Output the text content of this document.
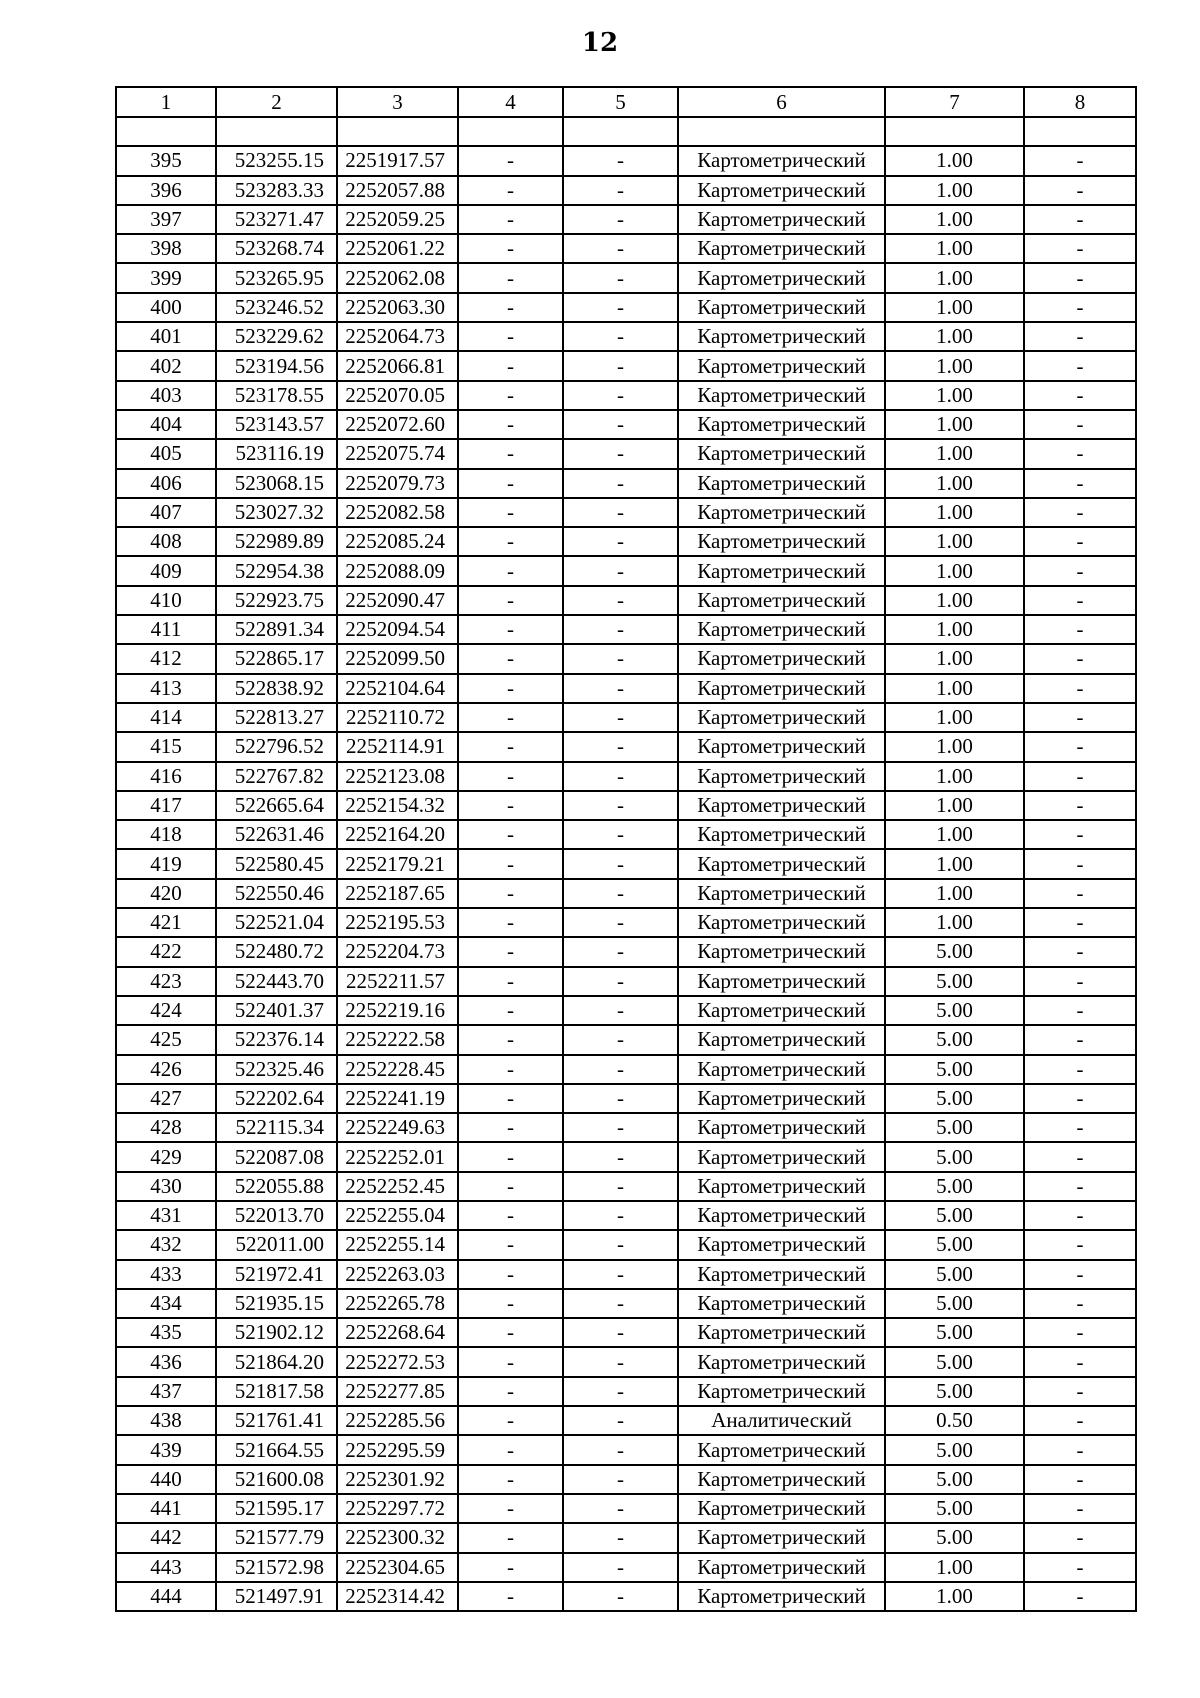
12
1	2	3	4	5	6	7	8

395	523255.15	2251917.57	-	-	Картометрический	1.00	-
396	523283.33	2252057.88	-	-	Картометрический	1.00	-
397	523271.47	2252059.25	-	-	Картометрический	1.00	-
398	523268.74	2252061.22	-	-	Картометрический	1.00	-
399	523265.95	2252062.08	-	-	Картометрический	1.00	-
400	523246.52	2252063.30	-	-	Картометрический	1.00	-
401	523229.62	2252064.73	-	-	Картометрический	1.00	-
402	523194.56	2252066.81	-	-	Картометрический	1.00	-
403	523178.55	2252070.05	-	-	Картометрический	1.00	-
404	523143.57	2252072.60	-	-	Картометрический	1.00	-
405	523116.19	2252075.74	-	-	Картометрический	1.00	-
406	523068.15	2252079.73	-	-	Картометрический	1.00	-
407	523027.32	2252082.58	-	-	Картометрический	1.00	-
408	522989.89	2252085.24	-	-	Картометрический	1.00	-
409	522954.38	2252088.09	-	-	Картометрический	1.00	-
410	522923.75	2252090.47	-	-	Картометрический	1.00	-
411	522891.34	2252094.54	-	-	Картометрический	1.00	-
412	522865.17	2252099.50	-	-	Картометрический	1.00	-
413	522838.92	2252104.64	-	-	Картометрический	1.00	-
414	522813.27	2252110.72	-	-	Картометрический	1.00	-
415	522796.52	2252114.91	-	-	Картометрический	1.00	-
416	522767.82	2252123.08	-	-	Картометрический	1.00	-
417	522665.64	2252154.32	-	-	Картометрический	1.00	-
418	522631.46	2252164.20	-	-	Картометрический	1.00	-
419	522580.45	2252179.21	-	-	Картометрический	1.00	-
420	522550.46	2252187.65	-	-	Картометрический	1.00	-
421	522521.04	2252195.53	-	-	Картометрический	1.00	-
422	522480.72	2252204.73	-	-	Картометрический	5.00	-
423	522443.70	2252211.57	-	-	Картометрический	5.00	-
424	522401.37	2252219.16	-	-	Картометрический	5.00	-
425	522376.14	2252222.58	-	-	Картометрический	5.00	-
426	522325.46	2252228.45	-	-	Картометрический	5.00	-
427	522202.64	2252241.19	-	-	Картометрический	5.00	-
428	522115.34	2252249.63	-	-	Картометрический	5.00	-
429	522087.08	2252252.01	-	-	Картометрический	5.00	-
430	522055.88	2252252.45	-	-	Картометрический	5.00	-
431	522013.70	2252255.04	-	-	Картометрический	5.00	-
432	522011.00	2252255.14	-	-	Картометрический	5.00	-
433	521972.41	2252263.03	-	-	Картометрический	5.00	-
434	521935.15	2252265.78	-	-	Картометрический	5.00	-
435	521902.12	2252268.64	-	-	Картометрический	5.00	-
436	521864.20	2252272.53	-	-	Картометрический	5.00	-
437	521817.58	2252277.85	-	-	Картометрический	5.00	-
438	521761.41	2252285.56	-	-	Аналитический	0.50	-
439	521664.55	2252295.59	-	-	Картометрический	5.00	-
440	521600.08	2252301.92	-	-	Картометрический	5.00	-
441	521595.17	2252297.72	-	-	Картометрический	5.00	-
442	521577.79	2252300.32	-	-	Картометрический	5.00	-
443	521572.98	2252304.65	-	-	Картометрический	1.00	-
444	521497.91	2252314.42	-	-	Картометрический	1.00	-
